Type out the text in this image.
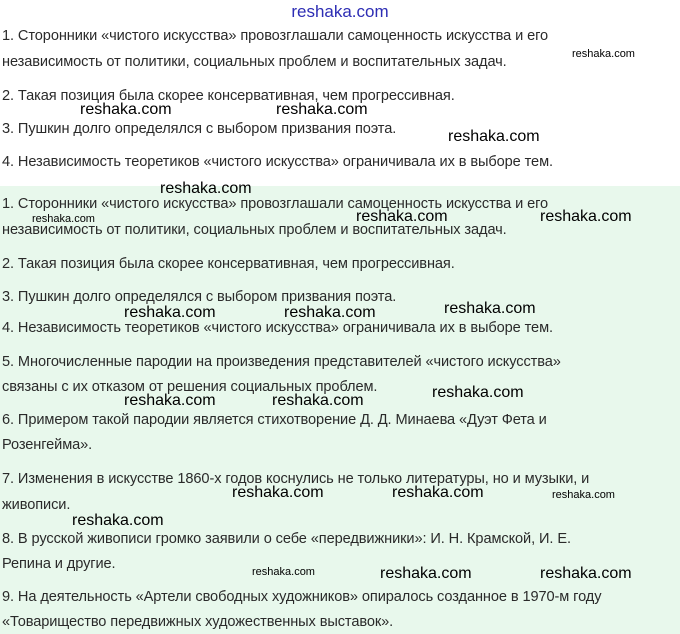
reshaka.com
1. Сторонники «чистого искусства» провозглашали самоценность искусства и его
независимость от политики, социальных проблем и воспитательных задач.
2. Такая позиция была скорее консервативная, чем прогрессивная.
3. Пушкин долго определялся с выбором призвания поэта.
4. Независимость теоретиков «чистого искусства» ограничивала их в выборе тем.
1. Сторонники «чистого искусства» провозглашали самоценность искусства и его
независимость от политики, социальных проблем и воспитательных задач.
2. Такая позиция была скорее консервативная, чем прогрессивная.
3. Пушкин долго определялся с выбором призвания поэта.
4. Независимость теоретиков «чистого искусства» ограничивала их в выборе тем.
5. Многочисленные пародии на произведения представителей «чистого искусства»
связаны с их отказом от решения социальных проблем.
6. Примером такой пародии является стихотворение Д. Д. Минаева «Дуэт Фета и
Розенгейма».
7. Изменения в искусстве 1860-х годов коснулись не только литературы, но и музыки, и
живописи.
8. В русской живописи громко заявили о себе «передвижники»: И. Н. Крамской, И. Е.
Репина и другие.
9. На деятельность «Артели свободных художников» опиралось созданное в 1970-м году
«Товарищество передвижных художественных выставок».
reshaka.com
reshaka.com	reshaka.com
reshaka.com
reshaka.com
reshaka.com	reshaka.com	reshaka.com
reshaka.com
reshaka.com	reshaka.com
reshaka.com
reshaka.com	reshaka.com
reshaka.com	reshaka.com	reshaka.com
reshaka.com
reshaka.com	reshaka.com	reshaka.com
